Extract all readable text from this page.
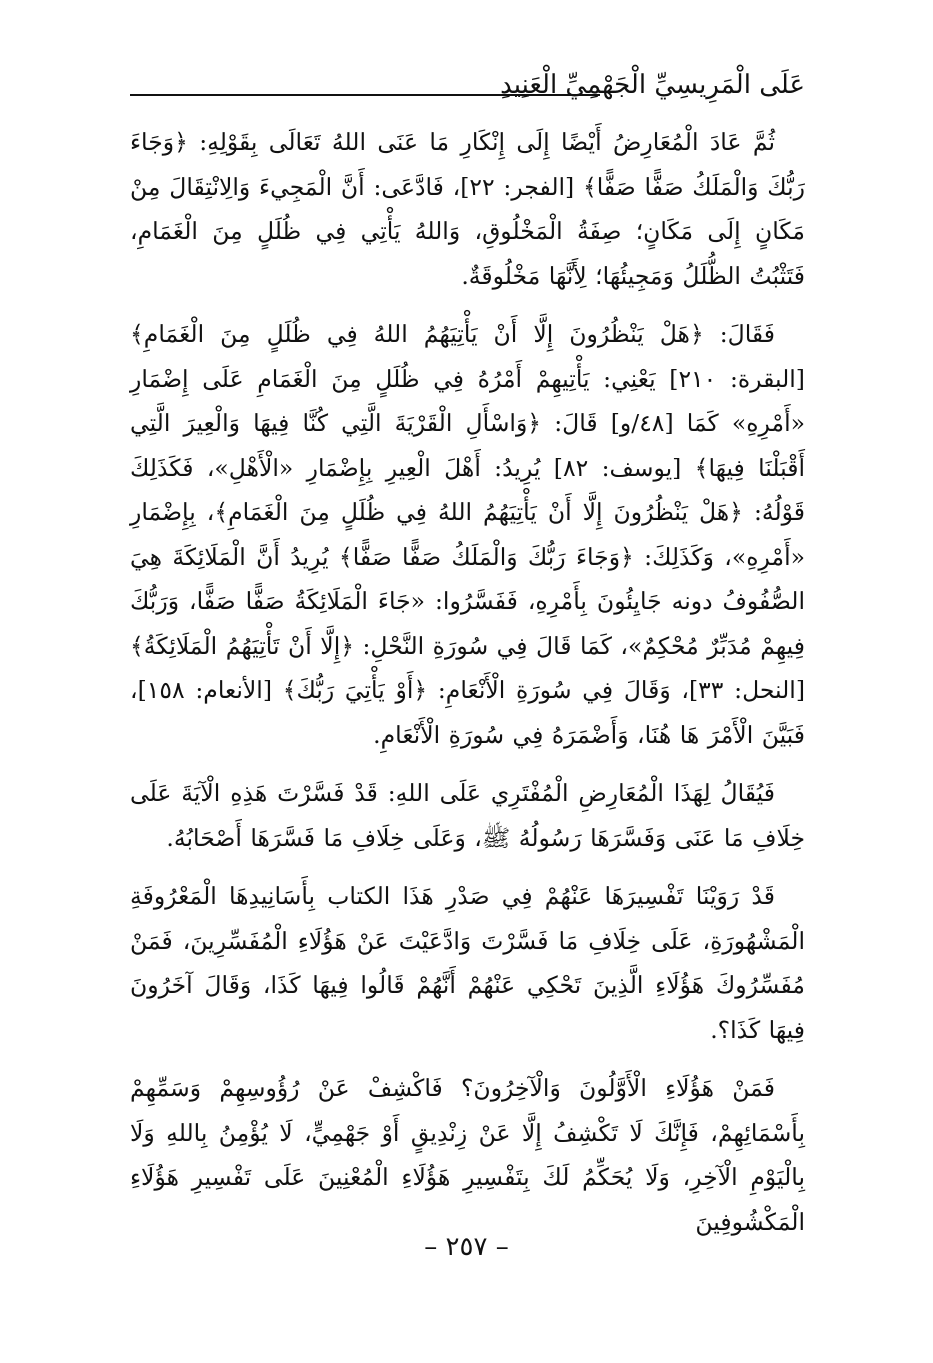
عَلَى الْمَرِيسِيِّ الْجَهْمِيِّ الْعَنِيدِ

ثُمَّ عَادَ الْمُعَارِضُ أَيْضًا إِلَى إِنْكَارِ مَا عَنَى اللهُ تَعَالَى بِقَوْلِهِ: ﴿وَجَاءَ رَبُّكَ وَالْمَلَكُ صَفًّا صَفًّا﴾ [الفجر: ٢٢]، فَادَّعَى: أَنَّ الْمَجِيءَ وَالِانْتِقَالَ مِنْ مَكَانٍ إِلَى مَكَانٍ؛ صِفَةُ الْمَخْلُوقِ، وَاللهُ يَأْتِي فِي ظُلَلٍ مِنَ الْغَمَامِ، فَتَثْبُتُ الظُّلَلُ وَمَجِيئُهَا؛ لِأَنَّهَا مَخْلُوقَةٌ.

فَقَالَ: ﴿هَلْ يَنْظُرُونَ إِلَّا أَنْ يَأْتِيَهُمُ اللهُ فِي ظُلَلٍ مِنَ الْغَمَامِ﴾ [البقرة: ٢١٠] يَعْنِي: يَأْتِيهِمْ أَمْرُهُ فِي ظُلَلٍ مِنَ الْغَمَامِ عَلَى إِضْمَارِ «أَمْرِهِ» كَمَا [٤٨/و] قَالَ: ﴿وَاسْأَلِ الْقَرْيَةَ الَّتِي كُنَّا فِيهَا وَالْعِيرَ الَّتِي أَقْبَلْنَا فِيهَا﴾ [يوسف: ٨٢] يُرِيدُ: أَهْلَ الْعِيرِ بِإِضْمَارِ «الْأَهْلِ»، فَكَذَلِكَ قَوْلُهُ: ﴿هَلْ يَنْظُرُونَ إِلَّا أَنْ يَأْتِيَهُمُ اللهُ فِي ظُلَلٍ مِنَ الْغَمَامِ﴾، بِإِضْمَارِ «أَمْرِهِ»، وَكَذَلِكَ: ﴿وَجَاءَ رَبُّكَ وَالْمَلَكُ صَفًّا صَفًّا﴾ يُرِيدُ أَنَّ الْمَلَائِكَةَ هِيَ الصُّفُوفُ دونه جَايِئُونَ بِأَمْرِهِ، فَفَسَّرُوا: «جَاءَ الْمَلَائِكَةُ صَفًّا صَفًّا، وَرَبُّكَ فِيهِمْ مُدَبِّرٌ مُحْكِمٌ»، كَمَا قَالَ فِي سُورَةِ النَّحْلِ: ﴿إِلَّا أَنْ تَأْتِيَهُمُ الْمَلَائِكَةُ﴾ [النحل: ٣٣]، وَقَالَ فِي سُورَةِ الْأَنْعَامِ: ﴿أَوْ يَأْتِيَ رَبُّكَ﴾ [الأنعام: ١٥٨]، فَبَيَّنَ الْأَمْرَ هَا هُنَا، وَأَضْمَرَهُ فِي سُورَةِ الْأَنْعَامِ.

فَيُقَالُ لِهَذَا الْمُعَارِضِ الْمُفْتَرِي عَلَى اللهِ: قَدْ فَسَّرْتَ هَذِهِ الْآيَةَ عَلَى خِلَافِ مَا عَنَى وَفَسَّرَهَا رَسُولُهُ ﷺ، وَعَلَى خِلَافِ مَا فَسَّرَهَا أَصْحَابُهُ.

قَدْ رَوَيْنَا تَفْسِيرَهَا عَنْهُمْ فِي صَدْرِ هَذَا الكتاب بِأَسَانِيدِهَا الْمَعْرُوفَةِ الْمَشْهُورَةِ، عَلَى خِلَافِ مَا فَسَّرْتَ وَادَّعَيْتَ عَنْ هَؤُلَاءِ الْمُفَسِّرِينَ، فَمَنْ مُفَسِّرُوكَ هَؤُلَاءِ الَّذِينَ تَحْكِي عَنْهُمْ أَنَّهُمْ قَالُوا فِيهَا كَذَا، وَقَالَ آخَرُونَ فِيهَا كَذَا؟.

فَمَنْ هَؤُلَاءِ الْأَوَّلُونَ وَالْآخِرُونَ؟ فَاكْشِفْ عَنْ رُؤُوسِهِمْ وَسَمِّهِمْ بِأَسْمَائِهِمْ، فَإِنَّكَ لَا تَكْشِفُ إِلَّا عَنْ زِنْدِيقٍ أَوْ جَهْمِيٍّ، لَا يُؤْمِنُ بِاللهِ وَلَا بِالْيَوْمِ الْآخِرِ، وَلَا يُحَكِّمُ لَكَ بِتَفْسِيرِ هَؤُلَاءِ الْمُعْنِينَ عَلَى تَفْسِيرِ هَؤُلَاءِ الْمَكْشُوفِينَ

– ٢٥٧ –
